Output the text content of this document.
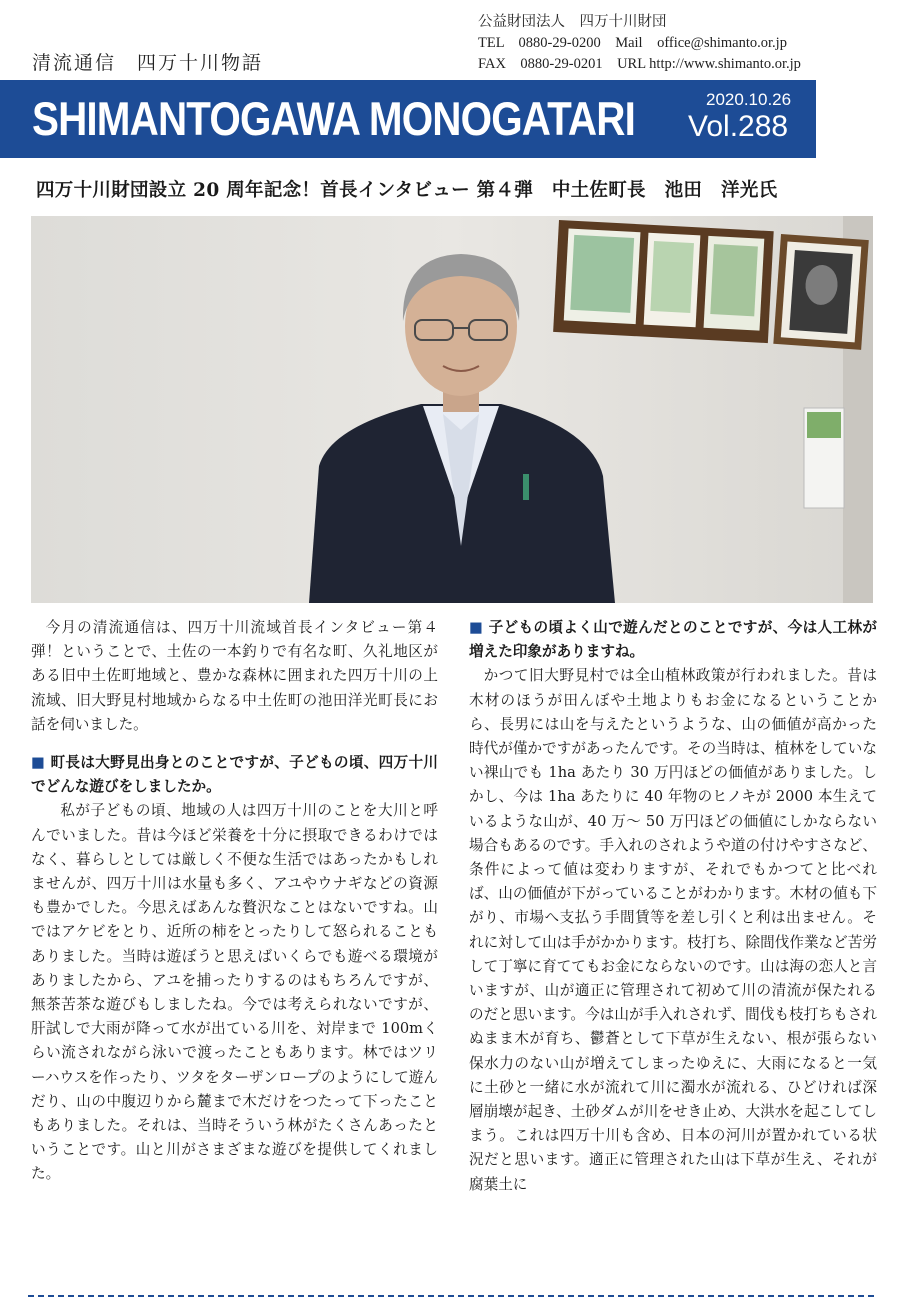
清流通信　四万十川物語
公益財団法人　四万十川財団
TEL　0880-29-0200　Mail　office@shimanto.or.jp
FAX　0880-29-0201　URL http://www.shimanto.or.jp
SHIMANTOGAWA MONOGATARI	2020.10.26
Vol.288
四万十川財団設立 20 周年記念！首長インタビュー 第４弾　中土佐町長　池田　洋光氏

今月の清流通信は、四万十川流域首長インタビュー第４弾！ということで、土佐の一本釣りで有名な町、久礼地区がある旧中土佐町地域と、豊かな森林に囲まれた四万十川の上流域、旧大野見村地域からなる中土佐町の池田洋光町長にお話を伺いました。

■ 町長は大野見出身とのことですが、子どもの頃、四万十川でどんな遊びをしましたか。

私が子どもの頃、地域の人は四万十川のことを大川と呼んでいました。昔は今ほど栄養を十分に摂取できるわけではなく、暮らしとしては厳しく不便な生活ではあったかもしれませんが、四万十川は水量も多く、アユやウナギなどの資源も豊かでした。今思えばあんな贅沢なことはないですね。山ではアケビをとり、近所の柿をとったりして怒られることもありました。当時は遊ぼうと思えばいくらでも遊べる環境がありましたから、アユを捕ったりするのはもちろんですが、無茶苦茶な遊びもしましたね。今では考えられないですが、肝試しで大雨が降って水が出ている川を、対岸まで 100mくらい流されながら泳いで渡ったこともあります。林ではツリーハウスを作ったり、ツタをターザンロープのようにして遊んだり、山の中腹辺りから麓まで木だけをつたって下ったこともありました。それは、当時そういう林がたくさんあったということです。山と川がさまざまな遊びを提供してくれました。

■ 子どもの頃よく山で遊んだとのことですが、今は人工林が増えた印象がありますね。

かつて旧大野見村では全山植林政策が行われました。昔は木材のほうが田んぼや土地よりもお金になるということから、長男には山を与えたというような、山の価値が高かった時代が僅かですがあったんです。その当時は、植林をしていない裸山でも 1ha あたり 30 万円ほどの価値がありました。しかし、今は 1ha あたりに 40 年物のヒノキが 2000 本生えているような山が、40 万～ 50 万円ほどの価値にしかならない場合もあるのです。手入れのされようや道の付けやすさなど、条件によって値は変わりますが、それでもかつてと比べれば、山の価値が下がっていることがわかります。木材の値も下がり、市場へ支払う手間賃等を差し引くと利は出ません。それに対して山は手がかかります。枝打ち、除間伐作業など苦労して丁寧に育ててもお金にならないのです。山は海の恋人と言いますが、山が適正に管理されて初めて川の清流が保たれるのだと思います。今は山が手入れされず、間伐も枝打ちもされぬまま木が育ち、鬱蒼として下草が生えない、根が張らない保水力のない山が増えてしまったゆえに、大雨になると一気に土砂と一緒に水が流れて川に濁水が流れる、ひどければ深層崩壊が起き、土砂ダムが川をせき止め、大洪水を起こしてしまう。これは四万十川も含め、日本の河川が置かれている状況だと思います。適正に管理された山は下草が生え、それが腐葉土に
